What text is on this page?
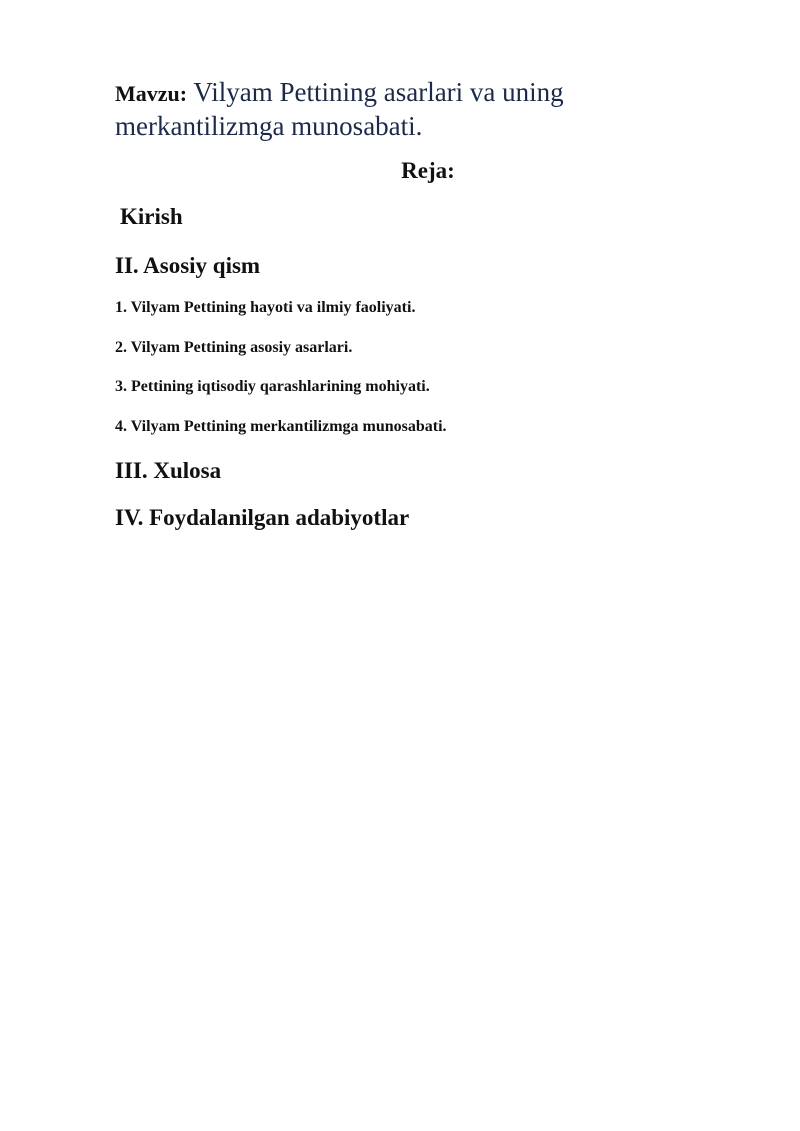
Mavzu: Vilyam Pettining asarlari va uning merkantilizmga munosabati.
Reja:
Kirish
II. Asosiy qism
1. Vilyam Pettining hayoti va ilmiy faoliyati.
2. Vilyam Pettining asosiy asarlari.
3. Pettining iqtisodiy qarashlarining mohiyati.
4. Vilyam Pettining merkantilizmga munosabati.
III. Xulosa
IV. Foydalanilgan adabiyotlar
